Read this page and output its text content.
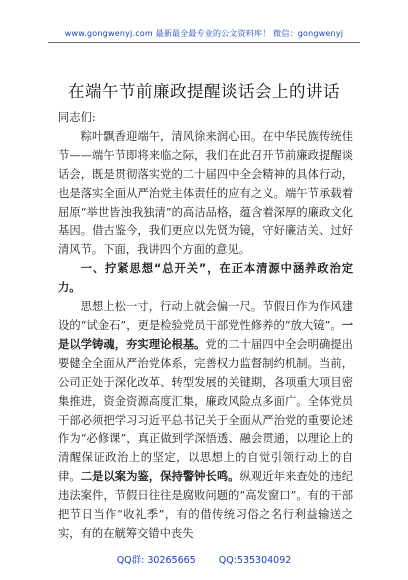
www.gongwenyj.com 最新最全最专业的公文资料库！ 微信：gongwenyj
在端午节前廉政提醒谈话会上的讲话

同志们:

粽叶飘香迎端午，清风徐来润心田。在中华民族传统佳节——端午节即将来临之际，我们在此召开节前廉政提醒谈话会，既是贯彻落实党的二十届四中全会精神的具体行动，也是落实全面从严治党主体责任的应有之义。端午节承载着屈原“举世皆浊我独清”的高洁品格，蕴含着深厚的廉政文化基因。借古鉴今，我们更应以先贤为镜，守好廉洁关、过好清风节。下面，我讲四个方面的意见。

一、拧紧思想“总开关”，在正本清源中涵养政治定力。

思想上松一寸，行动上就会偏一尺。节假日作为作风建设的“试金石”，更是检验党员干部党性修养的“放大镜”。一是以学铸魂，夯实理论根基。党的二十届四中全会明确提出要健全全面从严治党体系，完善权力监督制约机制。当前，公司正处于深化改革、转型发展的关键期，各项重大项目密集推进，资金资源高度汇集，廉政风险点多面广。全体党员干部必须把学习习近平总书记关于全面从严治党的重要论述作为“必修课”，真正做到学深悟透、融会贯通，以理论上的清醒保证政治上的坚定，以思想上的自觉引领行动上的自律。二是以案为鉴，保持警钟长鸣。纵观近年来查处的违纪违法案件，节假日往往是腐败问题的“高发窗口”。有的干部把节日当作“收礼季”，有的借传统习俗之名行利益输送之实，有的在觥筹交错中丧失

QQ群: 30265665 QQ:535304092
